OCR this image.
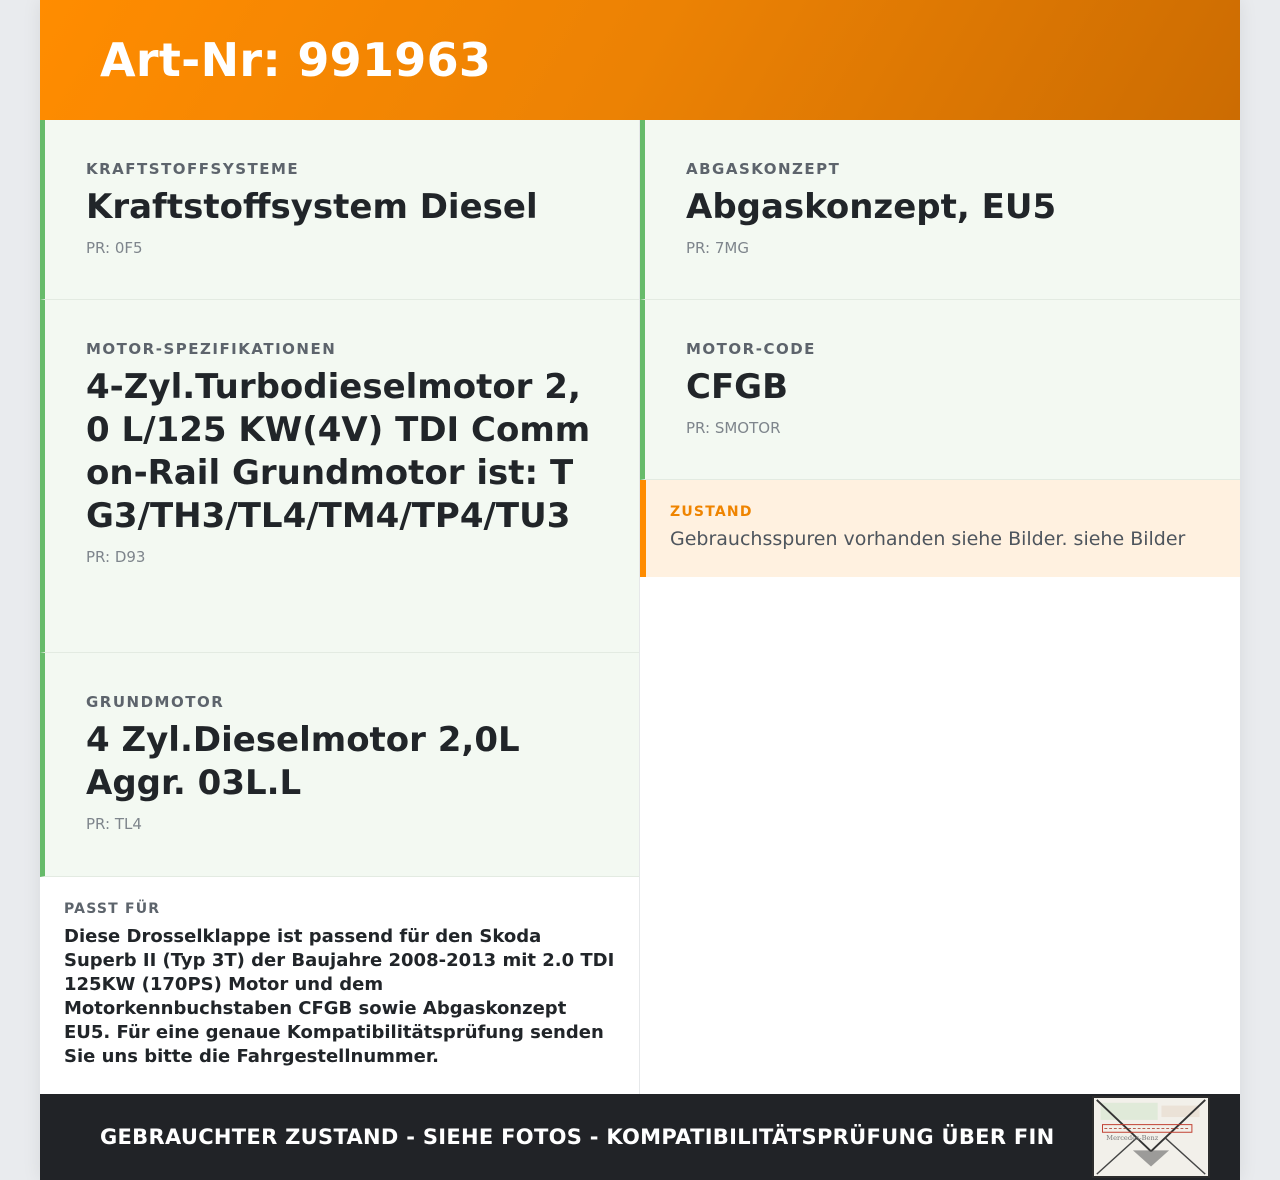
Art-Nr: 991963
KRAFTSTOFFSYSTEME
Kraftstoffsystem Diesel
PR: 0F5
MOTOR-SPEZIFIKATIONEN
4-Zyl.Turbodieselmotor 2,0 L/125 KW(4V) TDI Common-Rail Grundmotor ist: TG3/TH3/TL4/TM4/TP4/TU3
PR: D93
GRUNDMOTOR
4 Zyl.Dieselmotor 2,0L Aggr. 03L.L
PR: TL4
PASST FÜR
Diese Drosselklappe ist passend für den Skoda Superb II (Typ 3T) der Baujahre 2008-2013 mit 2.0 TDI 125KW (170PS) Motor und dem Motorkennbuchstaben CFGB sowie Abgaskonzept EU5. Für eine genaue Kompatibilitätsprüfung senden Sie uns bitte die Fahrgestellnummer.
ABGASKONZEPT
Abgaskonzept, EU5
PR: 7MG
MOTOR-CODE
CFGB
PR: SMOTOR
ZUSTAND
Gebrauchsspuren vorhanden siehe Bilder. siehe Bilder
GEBRAUCHTER ZUSTAND - SIEHE FOTOS - KOMPATIBILITÄTSPRÜFUNG ÜBER FIN	Mercedes-Benz
